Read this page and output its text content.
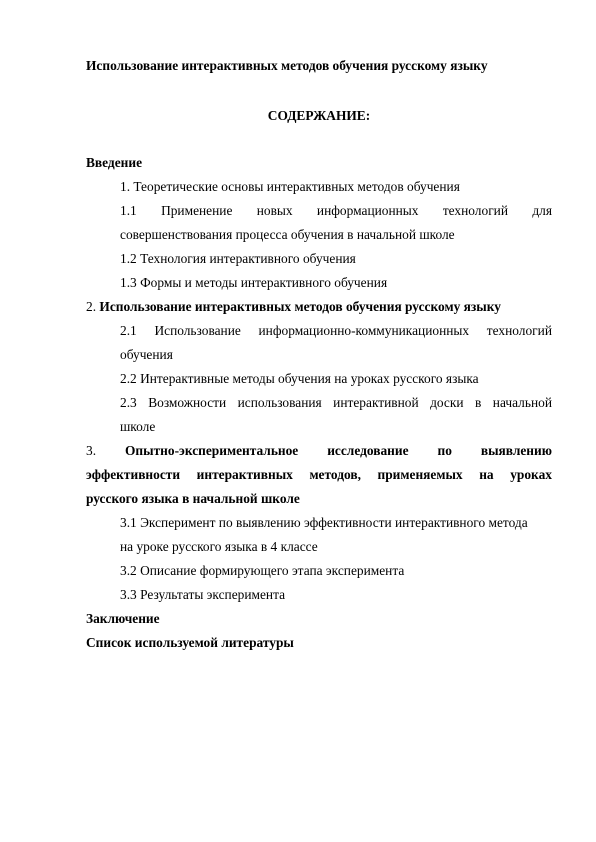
Использование интерактивных методов обучения русскому языку
СОДЕРЖАНИЕ:

Введение

1. Теоретические основы интерактивных методов обучения

1.1 Применение новых информационных технологий для

совершенствования процесса обучения в начальной школе

1.2 Технология интерактивного обучения

1.3 Формы и методы интерактивного обучения

2. Использование интерактивных методов обучения русскому языку

2.1 Использование информационно-коммуникационных технологий

обучения

2.2 Интерактивные методы обучения на уроках русского языка

2.3 Возможности использования интерактивной доски в начальной

школе

3. Опытно-экспериментальное исследование по выявлению

эффективности интерактивных методов, применяемых на уроках

русского языка в начальной школе

3.1 Эксперимент по выявлению эффективности интерактивного метода

на уроке русского языка в 4 классе

3.2 Описание формирующего этапа эксперимента

3.3 Результаты эксперимента

Заключение

Список используемой литературы
